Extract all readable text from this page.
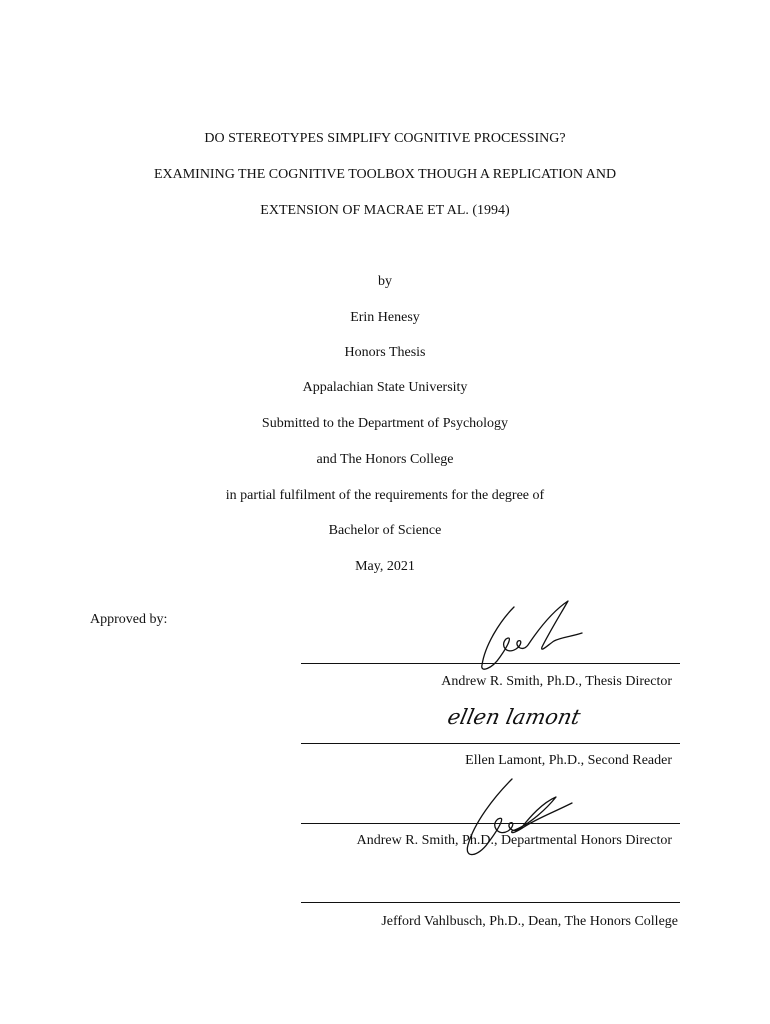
DO STEREOTYPES SIMPLIFY COGNITIVE PROCESSING?
EXAMINING THE COGNITIVE TOOLBOX THOUGH A REPLICATION AND
EXTENSION OF MACRAE ET AL. (1994)
by
Erin Henesy
Honors Thesis
Appalachian State University
Submitted to the Department of Psychology
and The Honors College
in partial fulfilment of the requirements for the degree of
Bachelor of Science
May, 2021
Approved by:
Andrew R. Smith, Ph.D., Thesis Director
ellen lamont
Ellen Lamont, Ph.D., Second Reader
Andrew R. Smith, Ph.D., Departmental Honors Director
Jefford Vahlbusch, Ph.D., Dean, The Honors College
